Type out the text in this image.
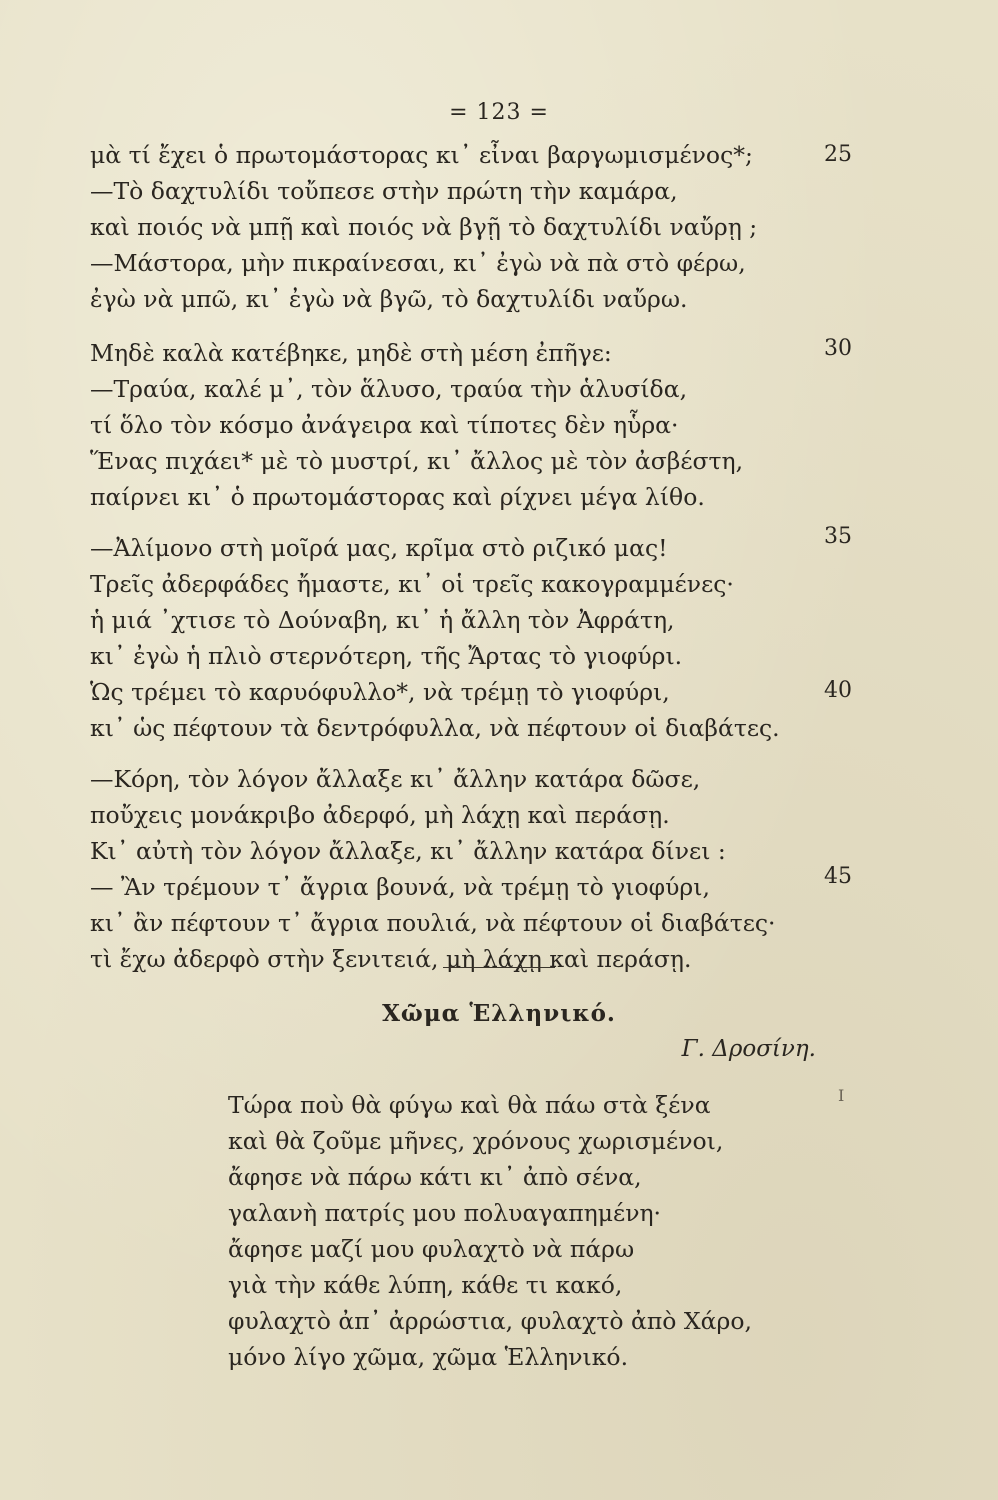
= 123 =
μὰ τί ἔχει ὁ πρωτομάστορας κι᾿ εἶναι βαργωμισμένος*;	25
—Τὸ δαχτυλίδι τοὔπεσε στὴν πρώτη τὴν καμάρα,
καὶ ποιός νὰ μπῇ καὶ ποιός νὰ βγῇ τὸ δαχτυλίδι ναὔρῃ ;
—Μάστορα, μὴν πικραίνεσαι, κι᾿ ἐγὼ νὰ πὰ στὸ φέρω,
ἐγὼ νὰ μπῶ, κι᾿ ἐγὼ νὰ βγῶ, τὸ δαχτυλίδι ναὔρω.
Μηδὲ καλὰ κατέβηκε, μηδὲ στὴ μέση ἐπῆγε:	30
—Τραύα, καλέ μ᾿, τὸν ἅλυσο, τραύα τὴν ἁλυσίδα,
τί ὅλο τὸν κόσμο ἀνάγειρα καὶ τίποτες δὲν ηὗρα·
Ἕνας πιχάει* μὲ τὸ μυστρί, κι᾿ ἄλλος μὲ τὸν ἀσβέστη,
παίρνει κι᾿ ὁ πρωτομάστορας καὶ ρίχνει μέγα λίθο.
—Ἀλίμονο στὴ μοῖρά μας, κρῖμα στὸ ριζικό μας!	35
Τρεῖς ἀδερφάδες ἤμαστε, κι᾿ οἱ τρεῖς κακογραμμένες·
ἡ μιά ᾿χτισε τὸ Δούναβη, κι᾿ ἡ ἄλλη τὸν Ἀφράτη,
κι᾿ ἐγὼ ἡ πλιὸ στερνότερη, τῆς Ἄρτας τὸ γιοφύρι.
Ὡς τρέμει τὸ καρυόφυλλο*, νὰ τρέμῃ τὸ γιοφύρι,
κι᾿ ὡς πέφτουν τὰ δεντρόφυλλα, νὰ πέφτουν οἱ διαβάτες.
40
—Κόρη, τὸν λόγον ἄλλαξε κι᾿ ἄλλην κατάρα δῶσε,
ποὔχεις μονάκριβο ἀδερφό, μὴ λάχῃ καὶ περάσῃ.
Κι᾿ αὐτὴ τὸν λόγον ἄλλαξε, κι᾿ ἄλλην κατάρα δίνει :
— Ἂν τρέμουν τ᾿ ἄγρια βουνά, νὰ τρέμῃ τὸ γιοφύρι,
κι᾿ ἂν πέφτουν τ᾿ ἄγρια πουλιά, νὰ πέφτουν οἱ διαβάτες·
45
τὶ ἔχω ἀδερφὸ στὴν ξενιτειά, μὴ λάχῃ καὶ περάσῃ.
Χῶμα Ἑλληνικό.
Γ. Δροσίνη.
Ι
Τώρα ποὺ θὰ φύγω καὶ θὰ πάω στὰ ξένα
καὶ θὰ ζοῦμε μῆνες, χρόνους χωρισμένοι,
ἄφησε νὰ πάρω κάτι κι᾿ ἀπὸ σένα,
γαλανὴ πατρίς μου πολυαγαπημένη·
ἄφησε μαζί μου φυλαχτὸ νὰ πάρω
γιὰ τὴν κάθε λύπη, κάθε τι κακό,
φυλαχτὸ ἀπ᾿ ἀρρώστια, φυλαχτὸ ἀπὸ Χάρο,
μόνο λίγο χῶμα, χῶμα Ἑλληνικό.
